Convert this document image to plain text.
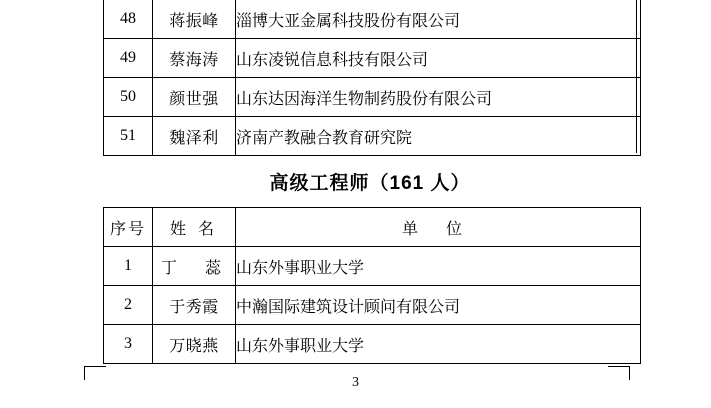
48	蒋振峰	淄博大亚金属科技股份有限公司
49	蔡海涛	山东凌锐信息科技有限公司
50	颜世强	山东达因海洋生物制药股份有限公司
51	魏泽利	济南产教融合教育研究院
高级工程师（161 人）
序号	姓 名	单 位
1	丁　蕊	山东外事职业大学
2	于秀霞	中瀚国际建筑设计顾问有限公司
3	万晓燕	山东外事职业大学
3
